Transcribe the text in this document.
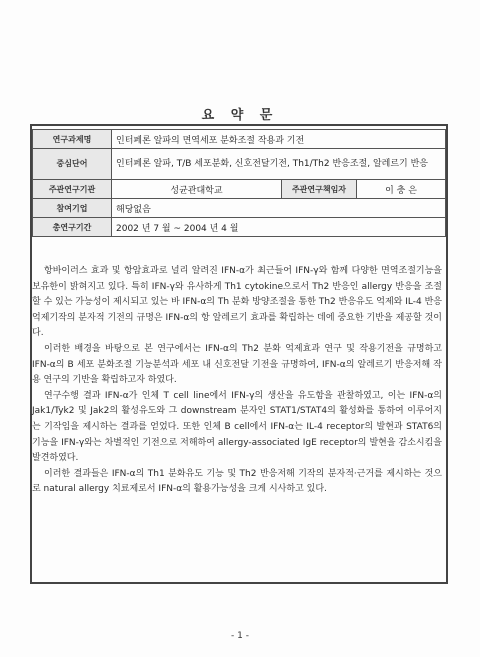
요 약 문
연구과제명	인터페론 알파의 면역세포 분화조절 작용과 기전		
중심단어	인터페론 알파, T/B 세포분화, 신호전달기전, Th1/Th2 반응조절, 알레르기 반응		
주관연구기관	성균관대학교	주관연구책임자	이 충 은
참여기업	해당없음		
총연구기간	2002 년 7 월 ~ 2004 년 4 월		

항바이러스 효과 및 항암효과로 널리 알려진 IFN-α가 최근들어 IFN-γ와 함께 다양한 면역조절기능을 보유한이 밝혀지고 있다. 특히 IFN-γ와 유사하게 Th1 cytokine으로서 Th2 반응인 allergy 반응을 조절할 수 있는 가능성이 제시되고 있는 바 IFN-α의 Th 분화 방양조절을 통한 Th2 반응유도 억제와 IL-4 반응 억제기작의 분자적 기전의 규명은 IFN-α의 항 알레르기 효과를 확립하는 데에 중요한 기반을 제공할 것이다.

이러한 배경을 바탕으로 본 연구에서는 IFN-α의 Th2 분화 억제효과 연구 및 작용기전을 규명하고 IFN-α의 B 세포 분화조절 기능분석과 세포 내 신호전달 기전을 규명하여, IFN-α의 알레르기 반응저해 작용 연구의 기반을 확립하고자 하였다.

연구수행 결과 IFN-α가 인체 T cell line에서 IFN-γ의 생산을 유도함을 관찰하였고, 이는 IFN-α의 Jak1/Tyk2 및 Jak2의 활성유도와 그 downstream 분자인 STAT1/STAT4의 활성화를 통하여 이루어지는 기작임을 제시하는 결과를 얻었다. 또한 인체 B cell에서 IFN-α는 IL-4 receptor의 발현과 STAT6의 기능을 IFN-γ와는 차별적인 기전으로 저해하여 allergy-associated IgE receptor의 발현을 감소시킴을 발견하였다.

이러한 결과들은 IFN-α의 Th1 분화유도 기능 및 Th2 반응저해 기작의 분자적·근거를 제시하는 것으로 natural allergy 치료제로서 IFN-α의 활용가능성을 크게 시사하고 있다.

- 1 -
